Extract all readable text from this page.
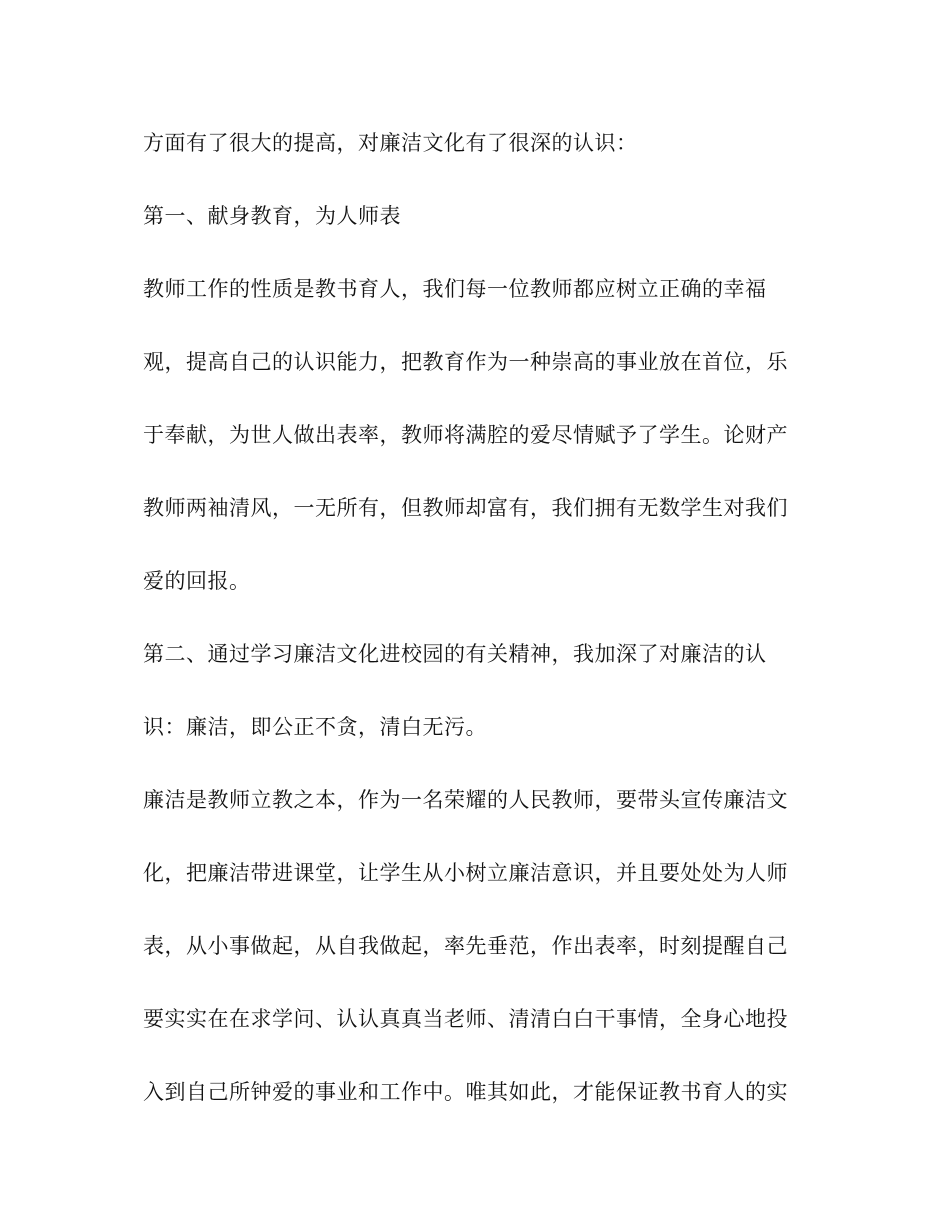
方面有了很大的提高，对廉洁文化有了很深的认识：
第一、献身教育，为人师表
教师工作的性质是教书育人，我们每一位教师都应树立正确的幸福
观，提高自己的认识能力，把教育作为一种崇高的事业放在首位，乐
于奉献，为世人做出表率，教师将满腔的爱尽情赋予了学生。论财产
教师两袖清风，一无所有，但教师却富有，我们拥有无数学生对我们
爱的回报。
第二、通过学习廉洁文化进校园的有关精神，我加深了对廉洁的认
识：廉洁，即公正不贪，清白无污。
廉洁是教师立教之本，作为一名荣耀的人民教师，要带头宣传廉洁文
化，把廉洁带进课堂，让学生从小树立廉洁意识，并且要处处为人师
表，从小事做起，从自我做起，率先垂范，作出表率，时刻提醒自己
要实实在在求学问、认认真真当老师、清清白白干事情，全身心地投
入到自己所钟爱的事业和工作中。唯其如此，才能保证教书育人的实
